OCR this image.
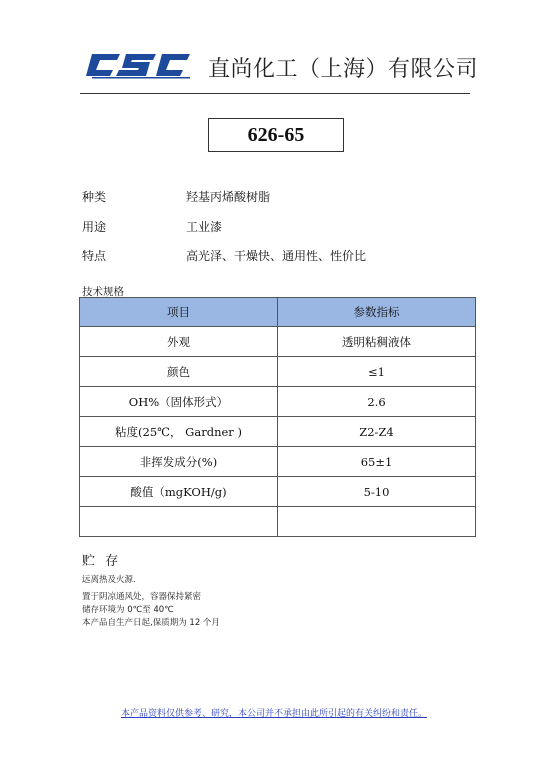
直尚化工（上海）有限公司
626-65
种类	羟基丙烯酸树脂
用途	工业漆
特点	高光泽、干燥快、通用性、性价比
技术规格
项目	参数指标
外观	透明粘稠液体
颜色	≤1
OH%（固体形式）	2.6
粘度(25℃， Gardner )	Z2-Z4
非挥发成分(%)	65±1
酸值（mgKOH/g)	5-10

贮 存
远离热及火源.
置于阴凉通风处，容器保持紧密
储存环境为 0℃至 40℃
本产品自生产日起,保质期为 12 个月
本产品资料仅供参考、研究，本公司并不承担由此所引起的有关纠纷和责任。
